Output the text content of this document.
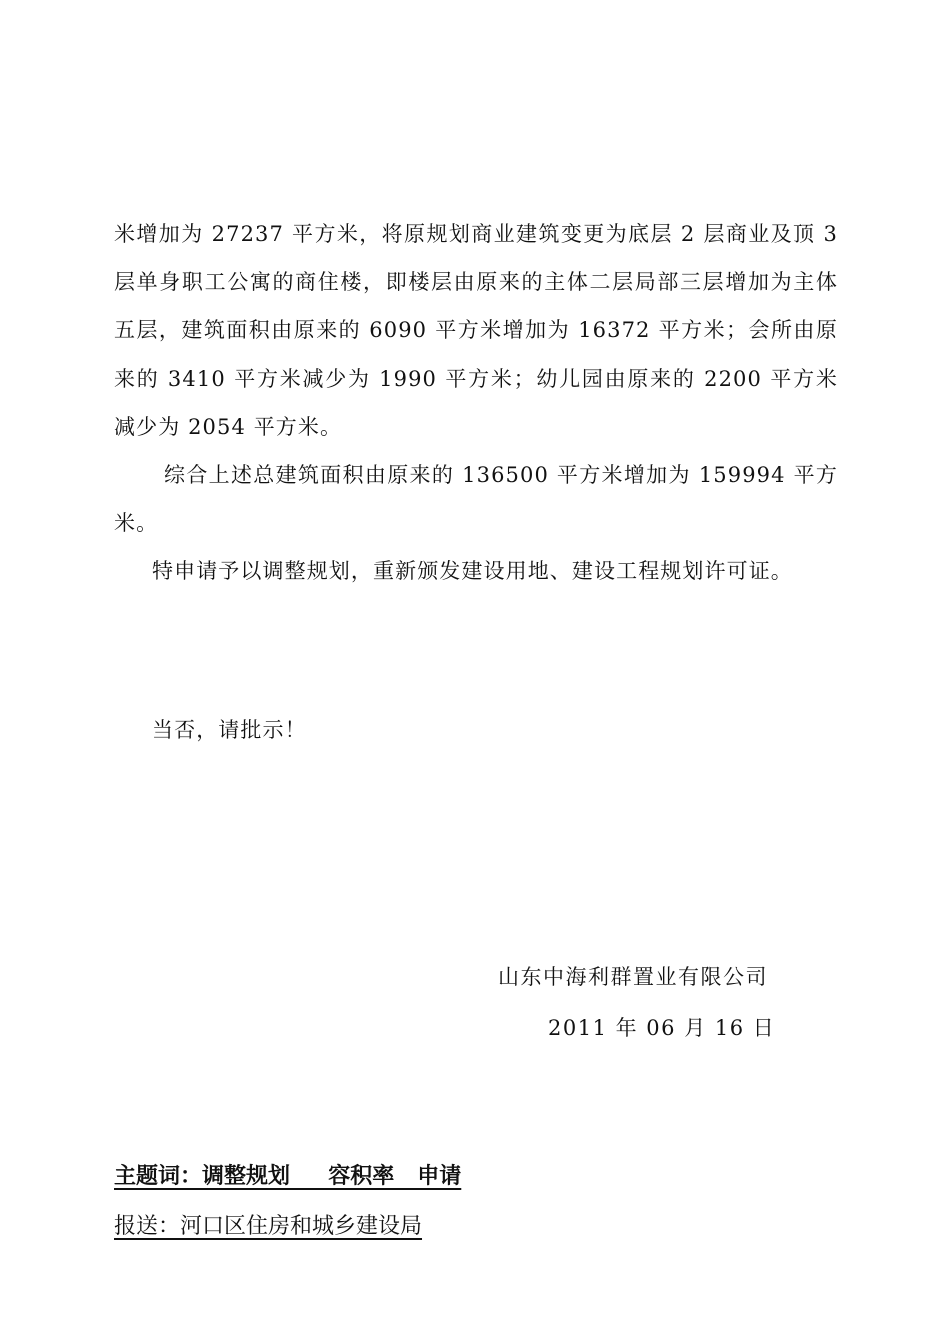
米增加为 27237 平方米，将原规划商业建筑变更为底层 2 层商业及顶 3 层单身职工公寓的商住楼，即楼层由原来的主体二层局部三层增加为主体五层，建筑面积由原来的 6090 平方米增加为 16372 平方米；会所由原来的 3410 平方米减少为 1990 平方米；幼儿园由原来的 2200 平方米减少为 2054 平方米。

综合上述总建筑面积由原来的 136500 平方米增加为 159994 平方米。

特申请予以调整规划，重新颁发建设用地、建设工程规划许可证。

当否，请批示！
山东中海利群置业有限公司
2011 年 06 月 16 日
主题词：调整规划     容积率   申请
报送：河口区住房和城乡建设局
